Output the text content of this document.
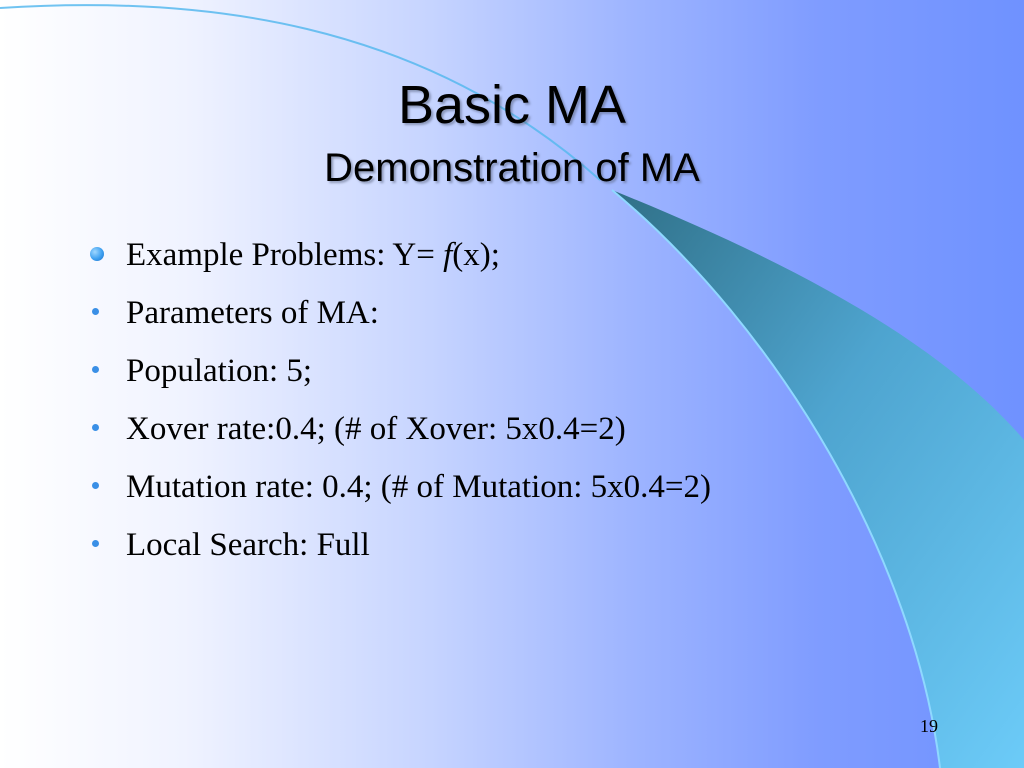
Basic MA
Demonstration of MA
Example Problems: Y= f(x);
Parameters of MA:
Population: 5;
Xover rate:0.4; (# of Xover: 5x0.4=2)
Mutation rate: 0.4; (# of Mutation: 5x0.4=2)
Local Search: Full
19
